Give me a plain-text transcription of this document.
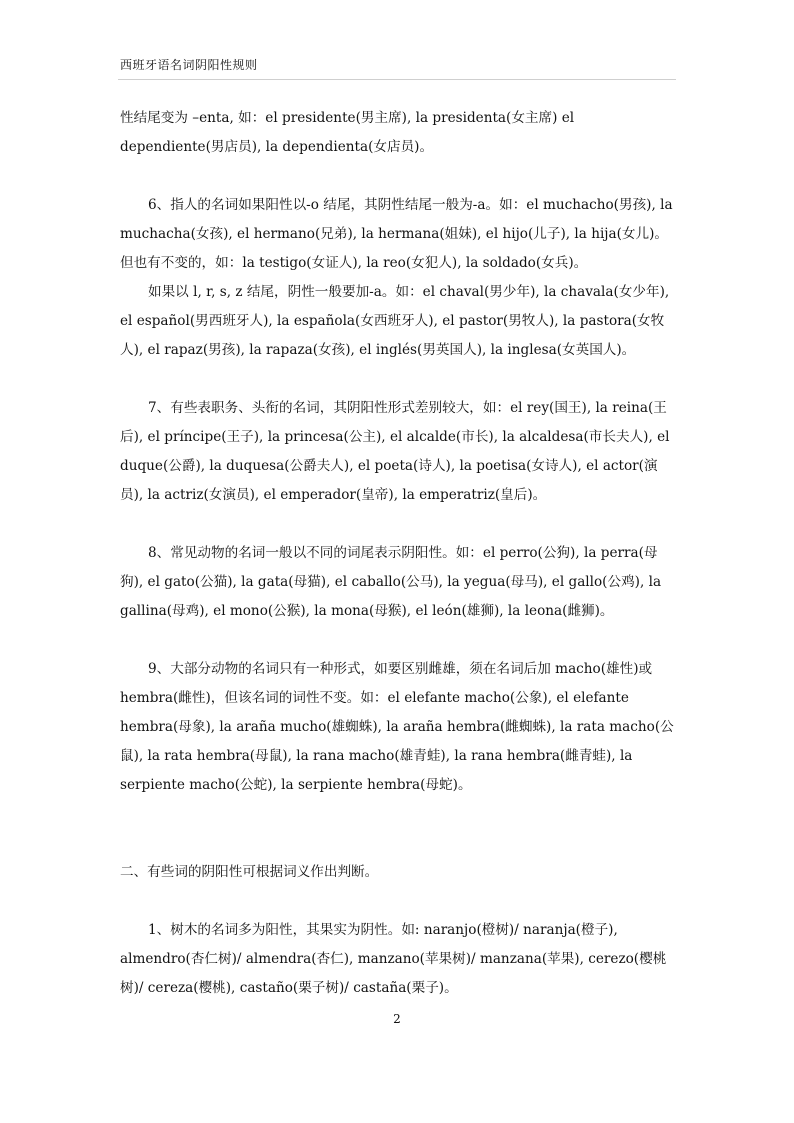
西班牙语名词阴阳性规则

性结尾变为 –enta, 如：el presidente(男主席), la presidenta(女主席) el dependiente(男店员), la dependienta(女店员)。

6、指人的名词如果阳性以-o 结尾，其阴性结尾一般为-a。如：el muchacho(男孩), la muchacha(女孩), el hermano(兄弟), la hermana(姐妹), el hijo(儿子), la hija(女儿)。但也有不变的，如：la testigo(女证人), la reo(女犯人), la soldado(女兵)。

如果以 l, r, s, z 结尾，阴性一般要加-a。如：el chaval(男少年), la chavala(女少年), el español(男西班牙人), la española(女西班牙人), el pastor(男牧人), la pastora(女牧人), el rapaz(男孩), la rapaza(女孩), el inglés(男英国人), la inglesa(女英国人)。

7、有些表职务、头衔的名词，其阴阳性形式差别较大，如：el rey(国王), la reina(王后), el príncipe(王子), la princesa(公主), el alcalde(市长), la alcaldesa(市长夫人), el duque(公爵), la duquesa(公爵夫人), el poeta(诗人), la poetisa(女诗人), el actor(演员), la actriz(女演员), el emperador(皇帝), la emperatriz(皇后)。

8、常见动物的名词一般以不同的词尾表示阴阳性。如：el perro(公狗), la perra(母狗), el gato(公猫), la gata(母猫), el caballo(公马), la yegua(母马), el gallo(公鸡), la gallina(母鸡), el mono(公猴), la mona(母猴), el león(雄狮), la leona(雌狮)。

9、大部分动物的名词只有一种形式，如要区别雌雄，须在名词后加 macho(雄性)或 hembra(雌性)，但该名词的词性不变。如：el elefante macho(公象), el elefante hembra(母象), la araña mucho(雄蜘蛛), la araña hembra(雌蜘蛛), la rata macho(公鼠), la rata hembra(母鼠), la rana macho(雄青蛙), la rana hembra(雌青蛙), la serpiente macho(公蛇), la serpiente hembra(母蛇)。

二、有些词的阴阳性可根据词义作出判断。

1、树木的名词多为阳性，其果实为阴性。如: naranjo(橙树)/ naranja(橙子), almendro(杏仁树)/ almendra(杏仁), manzano(苹果树)/ manzana(苹果), cerezo(樱桃树)/ cereza(樱桃), castaño(栗子树)/ castaña(栗子)。

2
